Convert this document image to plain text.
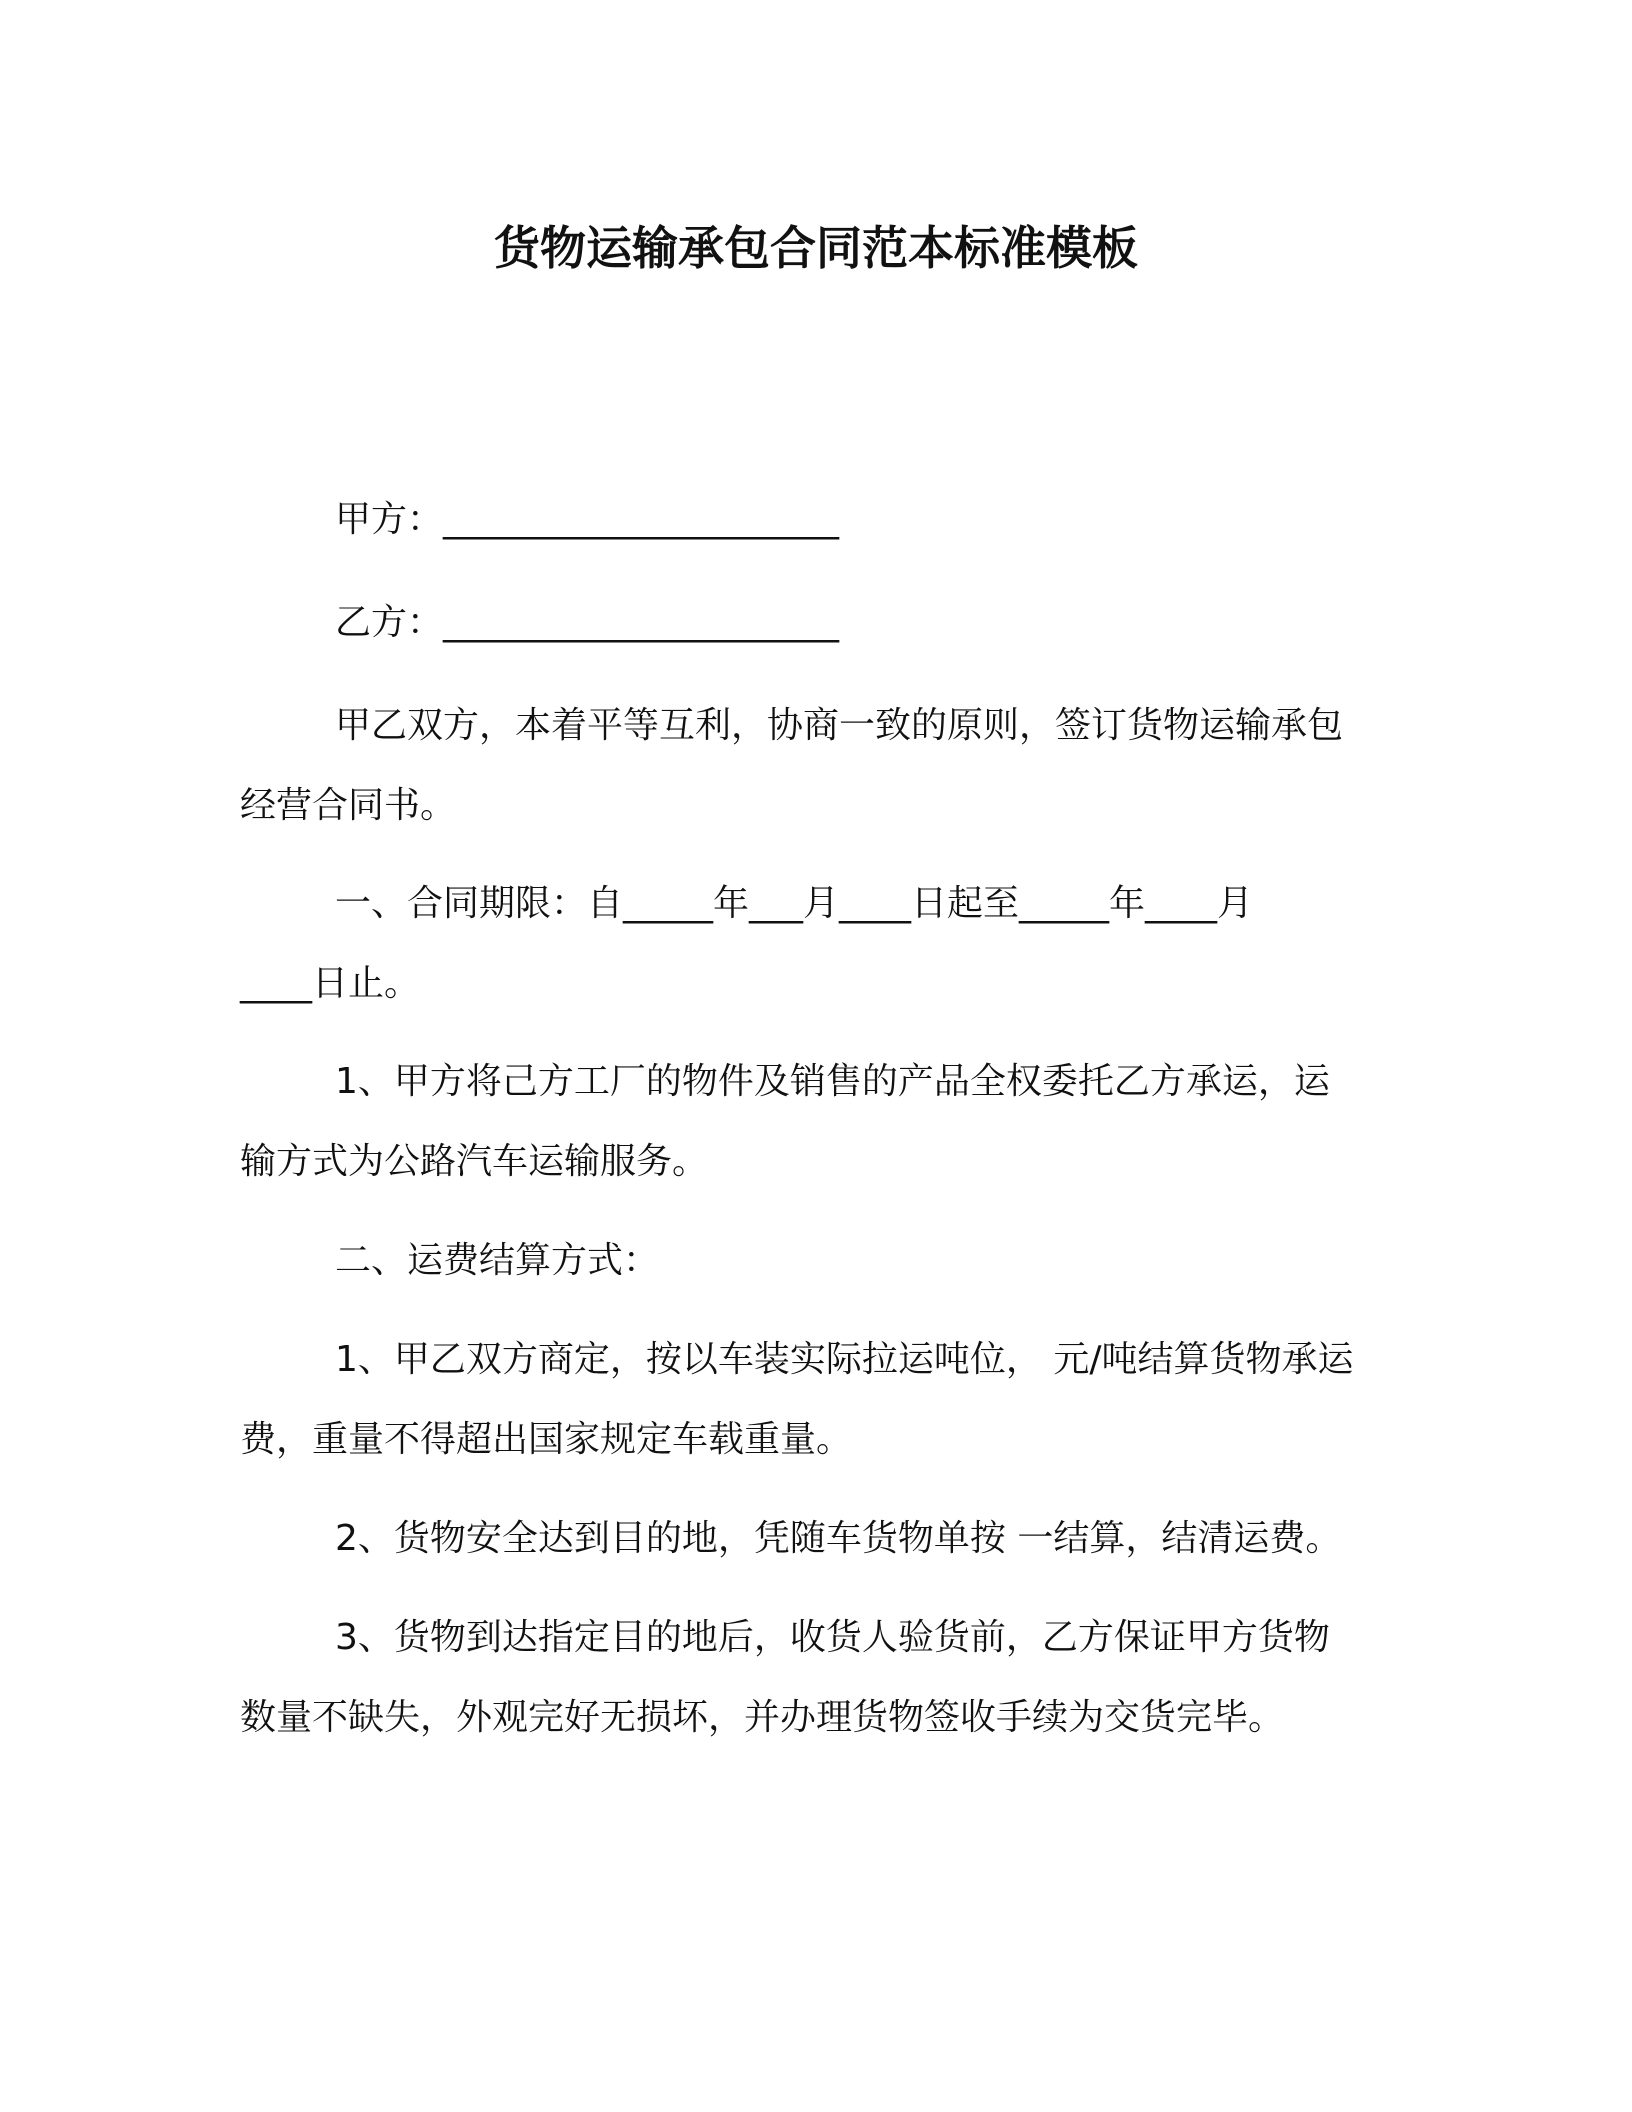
货物运输承包合同范本标准模板
甲方：______________________
乙方：______________________
甲乙双方，本着平等互利，协商一致的原则，签订货物运输承包
经营合同书。
一、合同期限：自_____年___月____日起至_____年____月
____日止。
1、甲方将己方工厂的物件及销售的产品全权委托乙方承运，运
输方式为公路汽车运输服务。
二、运费结算方式：
1、甲乙双方商定，按以车装实际拉运吨位， 元/吨结算货物承运
费，重量不得超出国家规定车载重量。
2、货物安全达到目的地，凭随车货物单按 一结算，结清运费。
3、货物到达指定目的地后，收货人验货前，乙方保证甲方货物
数量不缺失，外观完好无损坏，并办理货物签收手续为交货完毕。
